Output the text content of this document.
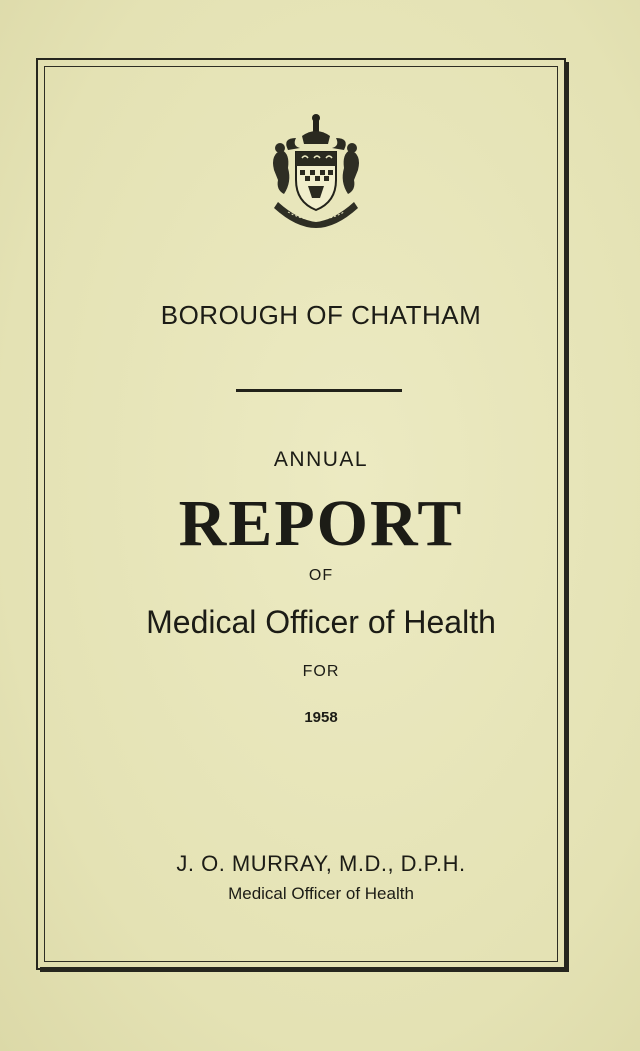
BOROUGH OF CHATHAM

ANNUAL

REPORT

OF

Medical Officer of Health

FOR

1958

J. O. MURRAY, M.D., D.P.H.

Medical Officer of Health
